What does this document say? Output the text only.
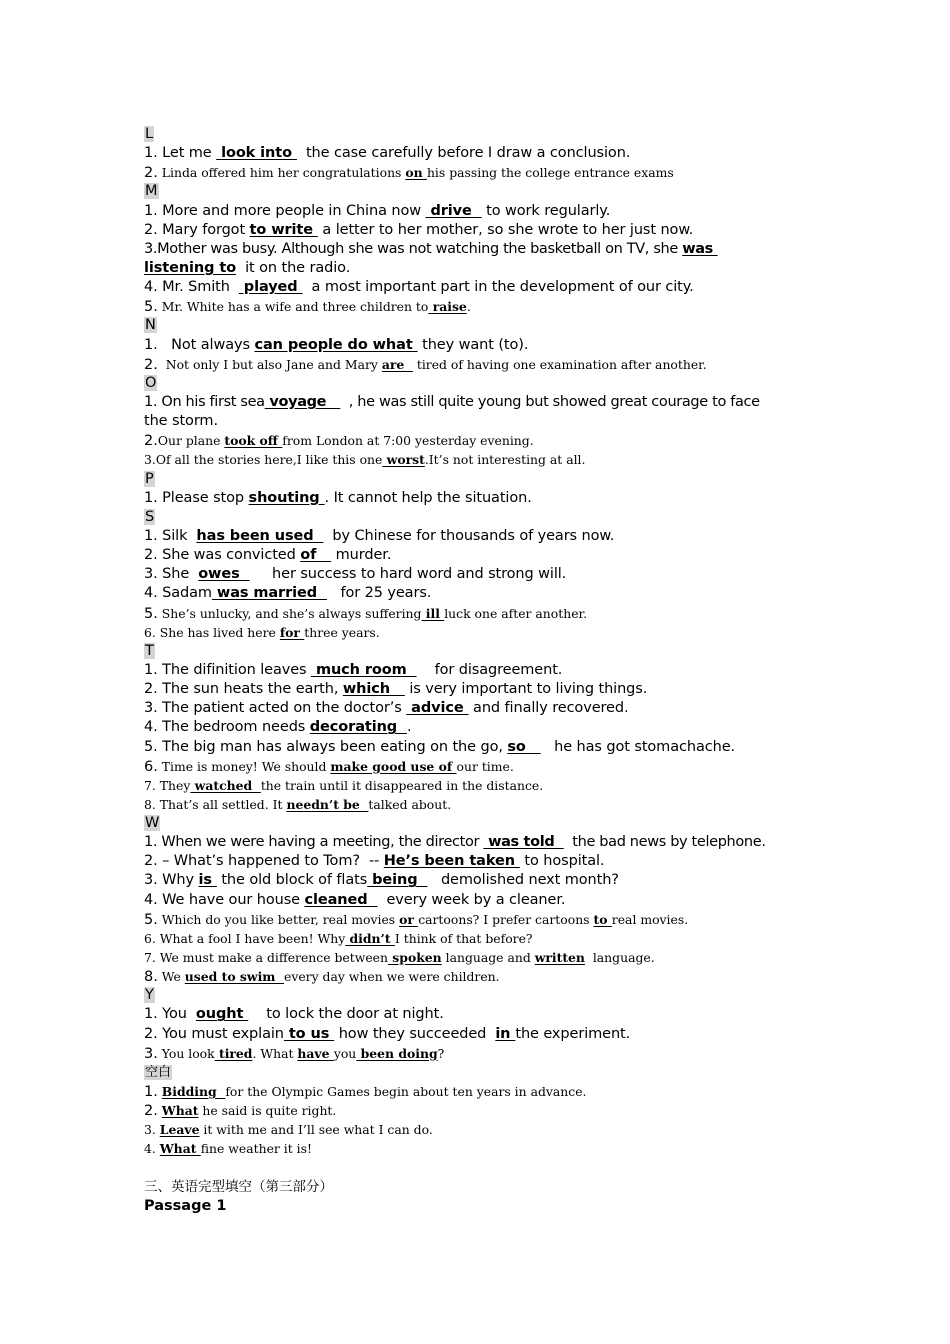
L
1. Let me  look into   the case carefully before I draw a conclusion.
2. Linda offered him her congratulations on his passing the college entrance exams
M
1. More and more people in China now  drive   to work regularly.
2. Mary forgot to write  a letter to her mother, so she wrote to her just now.
3.Mother was busy. Although she was not watching the basketball on TV, she was
listening to  it on the radio.
4. Mr. Smith   played   a most important part in the development of our city.
5. Mr. White has a wife and three children to raise.
N
1.   Not always can people do what  they want (to).
2.  Not only I but also Jane and Mary are   tired of having one examination after another.
O
1. On his first sea voyage     , he was still quite young but showed great courage to face
the storm.
2.Our plane took off from London at 7:00 yesterday evening.
3.Of all the stories here,I like this one worst.It’s not interesting at all.
P
1. Please stop shouting . It cannot help the situation.
S
1. Silk  has been used    by Chinese for thousands of years now.
2. She was convicted of    murder.
3. She  owes       her success to hard word and strong will.
4. Sadam was married     for 25 years.
5. She’s unlucky, and she’s always suffering ill luck one after another.
6. She has lived here for three years.
T
1. The difinition leaves  much room      for disagreement.
2. The sun heats the earth, which    is very important to living things.
3. The patient acted on the doctor’s  advice  and finally recovered.
4. The bedroom needs decorating  .
5. The big man has always been eating on the go, so      he has got stomachache.
6. Time is money! We should make good use of our time.
7. They watched  the train until it disappeared in the distance.
8. That’s all settled. It needn’t be  talked about.
W
1. When we were having a meeting, the director  was told    the bad news by telephone.
2. – What’s happened to Tom?  -- He’s been taken  to hospital.
3. Why is  the old block of flats being     demolished next month?
4. We have our house cleaned    every week by a cleaner.
5. Which do you like better, real movies or cartoons? I prefer cartoons to real movies.
6. What a fool I have been! Why didn’t I think of that before?
7. We must make a difference between spoken language and written  language.
8. We used to swim  every day when we were children.
Y
1. You  ought     to lock the door at night.
2. You must explain to us  how they succeeded  in the experiment.
3. You look tired. What have you been doing?
空白
1. Bidding  for the Olympic Games begin about ten years in advance.
2. What he said is quite right.
3. Leave it with me and I’ll see what I can do.
4. What fine weather it is!
三、英语完型填空（第三部分）
Passage 1
